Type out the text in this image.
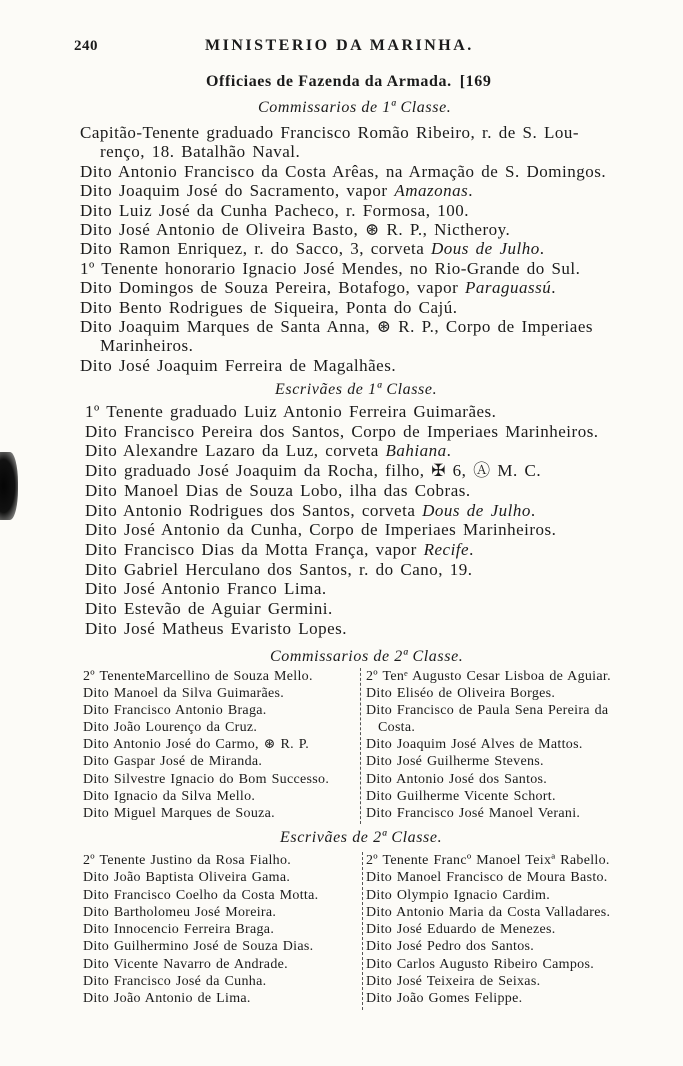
240	MINISTERIO DA MARINHA.
Officiaes de Fazenda da Armada. [169
Commissarios de 1ª Classe.
Capitão-Tenente graduado Francisco Romão Ribeiro, r. de S. Lou-
renço, 18. Batalhão Naval.
Dito Antonio Francisco da Costa Arêas, na Armação de S. Domingos.
Dito Joaquim José do Sacramento, vapor Amazonas.
Dito Luiz José da Cunha Pacheco, r. Formosa, 100.
Dito José Antonio de Oliveira Basto, ⊛ R. P., Nictheroy.
Dito Ramon Enriquez, r. do Sacco, 3, corveta Dous de Julho.
1º Tenente honorario Ignacio José Mendes, no Rio-Grande do Sul.
Dito Domingos de Souza Pereira, Botafogo, vapor Paraguassú.
Dito Bento Rodrigues de Siqueira, Ponta do Cajú.
Dito Joaquim Marques de Santa Anna, ⊛ R. P., Corpo de Imperiaes
Marinheiros.
Dito José Joaquim Ferreira de Magalhães.
Escrivães de 1ª Classe.
1º Tenente graduado Luiz Antonio Ferreira Guimarães.
Dito Francisco Pereira dos Santos, Corpo de Imperiaes Marinheiros.
Dito Alexandre Lazaro da Luz, corveta Bahiana.
Dito graduado José Joaquim da Rocha, filho, ✠ 6, Ⓐ M. C.
Dito Manoel Dias de Souza Lobo, ilha das Cobras.
Dito Antonio Rodrigues dos Santos, corveta Dous de Julho.
Dito José Antonio da Cunha, Corpo de Imperiaes Marinheiros.
Dito Francisco Dias da Motta França, vapor Recife.
Dito Gabriel Herculano dos Santos, r. do Cano, 19.
Dito José Antonio Franco Lima.
Dito Estevão de Aguiar Germini.
Dito José Matheus Evaristo Lopes.
Commissarios de 2ª Classe.
2º TenenteMarcellino de Souza Mello.
Dito Manoel da Silva Guimarães.
Dito Francisco Antonio Braga.
Dito João Lourenço da Cruz.
Dito Antonio José do Carmo, ⊛ R. P.
Dito Gaspar José de Miranda.
Dito Silvestre Ignacio do Bom Successo.
Dito Ignacio da Silva Mello.
Dito Miguel Marques de Souza.
2º Tenᵉ Augusto Cesar Lisboa de Aguiar.
Dito Eliséo de Oliveira Borges.
Dito Francisco de Paula Sena Pereira da
Costa.
Dito Joaquim José Alves de Mattos.
Dito José Guilherme Stevens.
Dito Antonio José dos Santos.
Dito Guilherme Vicente Schort.
Dito Francisco José Manoel Verani.
Escrivães de 2ª Classe.
2º Tenente Justino da Rosa Fialho.
Dito João Baptista Oliveira Gama.
Dito Francisco Coelho da Costa Motta.
Dito Bartholomeu José Moreira.
Dito Innocencio Ferreira Braga.
Dito Guilhermino José de Souza Dias.
Dito Vicente Navarro de Andrade.
Dito Francisco José da Cunha.
Dito João Antonio de Lima.
2º Tenente Francº Manoel Teixª Rabello.
Dito Manoel Francisco de Moura Basto.
Dito Olympio Ignacio Cardim.
Dito Antonio Maria da Costa Valladares.
Dito José Eduardo de Menezes.
Dito José Pedro dos Santos.
Dito Carlos Augusto Ribeiro Campos.
Dito José Teixeira de Seixas.
Dito João Gomes Felippe.
